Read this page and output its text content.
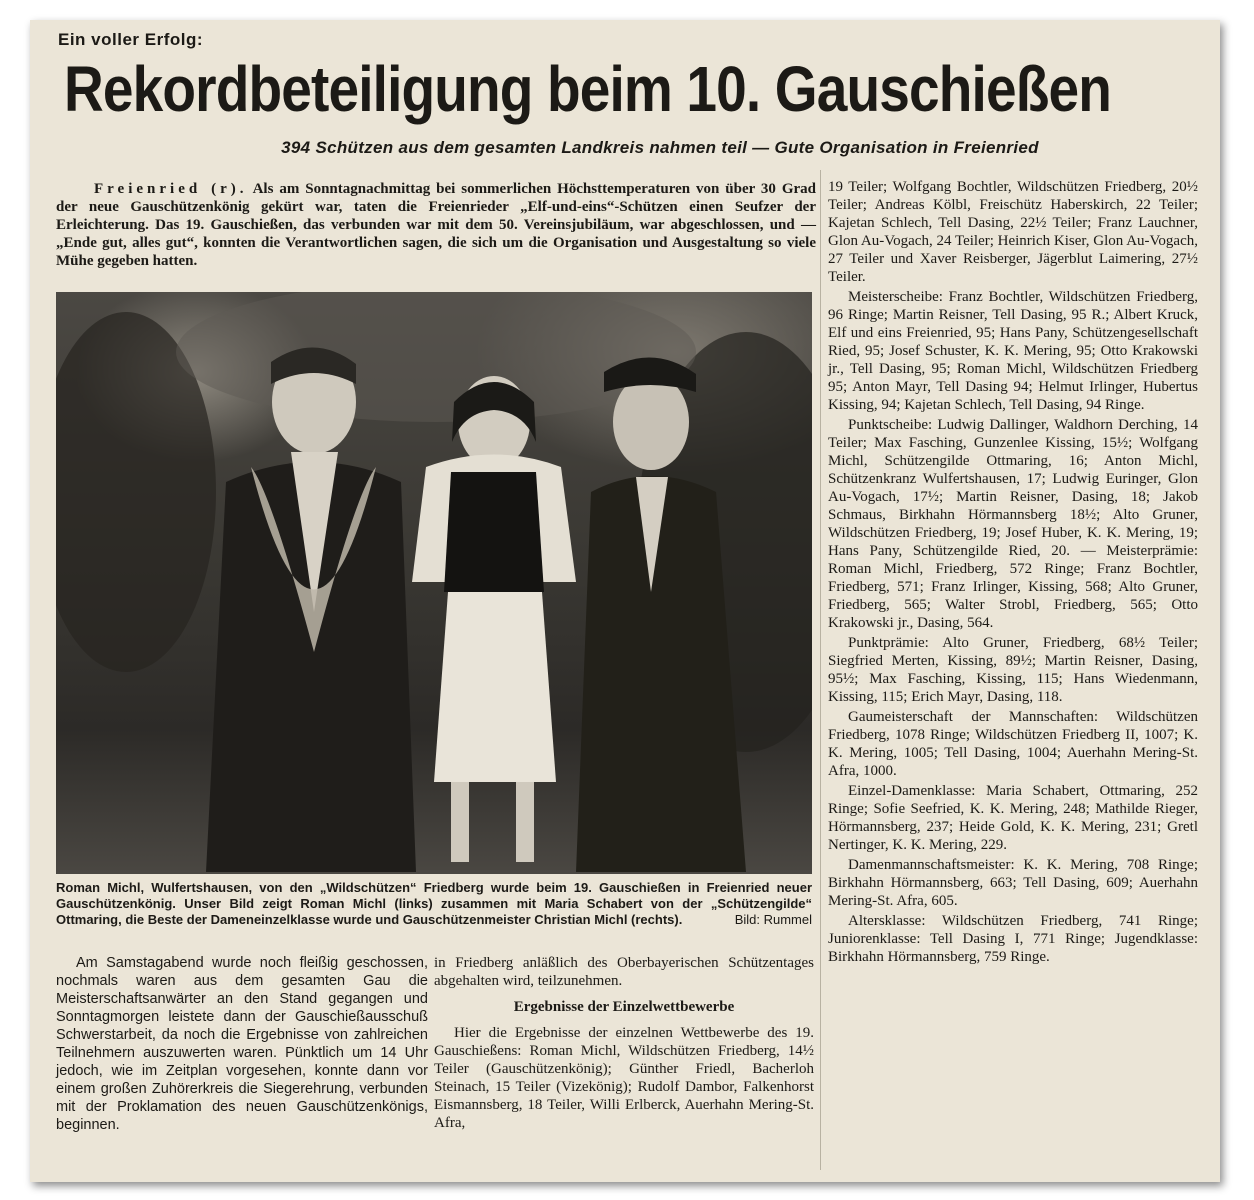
Ein voller Erfolg:
Rekordbeteiligung beim 10. Gauschießen
394 Schützen aus dem gesamten Landkreis nahmen teil — Gute Organisation in Freienried

Freienried (r). Als am Sonntagnachmittag bei sommerlichen Höchsttemperaturen von über 30 Grad der neue Gauschützenkönig gekürt war, taten die Freienrieder „Elf-und-eins“-Schützen einen Seufzer der Erleichterung. Das 19. Gauschießen, das verbunden war mit dem 50. Vereinsjubiläum, war abgeschlossen, und — „Ende gut, alles gut“, konnten die Verantwortlichen sagen, die sich um die Organisation und Ausgestaltung so viele Mühe gegeben hatten.

Roman Michl, Wulfertshausen, von den „Wildschützen“ Friedberg wurde beim 19. Gauschießen in Freienried neuer Gauschützenkönig. Unser Bild zeigt Roman Michl (links) zusammen mit Maria Schabert von der „Schützengilde“ Ottmaring, die Beste der Dameneinzelklasse wurde und Gauschützenmeister Christian Michl (rechts).	Bild: Rummel

Am Samstagabend wurde noch fleißig geschossen, nochmals waren aus dem gesamten Gau die Meisterschaftsanwärter an den Stand gegangen und Sonntagmorgen leistete dann der Gauschießausschuß Schwerstarbeit, da noch die Ergebnisse von zahlreichen Teilnehmern auszuwerten waren. Pünktlich um 14 Uhr jedoch, wie im Zeitplan vorgesehen, konnte dann vor einem großen Zuhörerkreis die Siegerehrung, verbunden mit der Proklamation des neuen Gauschützenkönigs, beginnen.

in Friedberg anläßlich des Oberbayerischen Schützentages abgehalten wird, teilzunehmen.

Ergebnisse der Einzelwettbewerbe

Hier die Ergebnisse der einzelnen Wettbewerbe des 19. Gauschießens: Roman Michl, Wildschützen Friedberg, 14½ Teiler (Gauschützenkönig); Günther Friedl, Bacherloh Steinach, 15 Teiler (Vizekönig); Rudolf Dambor, Falkenhorst Eismannsberg, 18 Teiler, Willi Erlberck, Auerhahn Mering-St. Afra,

19 Teiler; Wolfgang Bochtler, Wildschützen Friedberg, 20½ Teiler; Andreas Kölbl, Freischütz Haberskirch, 22 Teiler; Kajetan Schlech, Tell Dasing, 22½ Teiler; Franz Lauchner, Glon Au-Vogach, 24 Teiler; Heinrich Kiser, Glon Au-Vogach, 27 Teiler und Xaver Reisberger, Jägerblut Laimering, 27½ Teiler.

Meisterscheibe: Franz Bochtler, Wildschützen Friedberg, 96 Ringe; Martin Reisner, Tell Dasing, 95 R.; Albert Kruck, Elf und eins Freienried, 95; Hans Pany, Schützengesellschaft Ried, 95; Josef Schuster, K. K. Mering, 95; Otto Krakowski jr., Tell Dasing, 95; Roman Michl, Wildschützen Friedberg 95; Anton Mayr, Tell Dasing 94; Helmut Irlinger, Hubertus Kissing, 94; Kajetan Schlech, Tell Dasing, 94 Ringe.

Punktscheibe: Ludwig Dallinger, Waldhorn Derching, 14 Teiler; Max Fasching, Gunzenlee Kissing, 15½; Wolfgang Michl, Schützengilde Ottmaring, 16; Anton Michl, Schützenkranz Wulfertshausen, 17; Ludwig Euringer, Glon Au-Vogach, 17½; Martin Reisner, Dasing, 18; Jakob Schmaus, Birkhahn Hörmannsberg 18½; Alto Gruner, Wildschützen Friedberg, 19; Josef Huber, K. K. Mering, 19; Hans Pany, Schützengilde Ried, 20. — Meisterprämie: Roman Michl, Friedberg, 572 Ringe; Franz Bochtler, Friedberg, 571; Franz Irlinger, Kissing, 568; Alto Gruner, Friedberg, 565; Walter Strobl, Friedberg, 565; Otto Krakowski jr., Dasing, 564.

Punktprämie: Alto Gruner, Friedberg, 68½ Teiler; Siegfried Merten, Kissing, 89½; Martin Reisner, Dasing, 95½; Max Fasching, Kissing, 115; Hans Wiedenmann, Kissing, 115; Erich Mayr, Dasing, 118.

Gaumeisterschaft der Mannschaften: Wildschützen Friedberg, 1078 Ringe; Wildschützen Friedberg II, 1007; K. K. Mering, 1005; Tell Dasing, 1004; Auerhahn Mering-St. Afra, 1000.

Einzel-Damenklasse: Maria Schabert, Ottmaring, 252 Ringe; Sofie Seefried, K. K. Mering, 248; Mathilde Rieger, Hörmannsberg, 237; Heide Gold, K. K. Mering, 231; Gretl Nertinger, K. K. Mering, 229.

Damenmannschaftsmeister: K. K. Mering, 708 Ringe; Birkhahn Hörmannsberg, 663; Tell Dasing, 609; Auerhahn Mering-St. Afra, 605.

Altersklasse: Wildschützen Friedberg, 741 Ringe; Juniorenklasse: Tell Dasing I, 771 Ringe; Jugendklasse: Birkhahn Hörmannsberg, 759 Ringe.
